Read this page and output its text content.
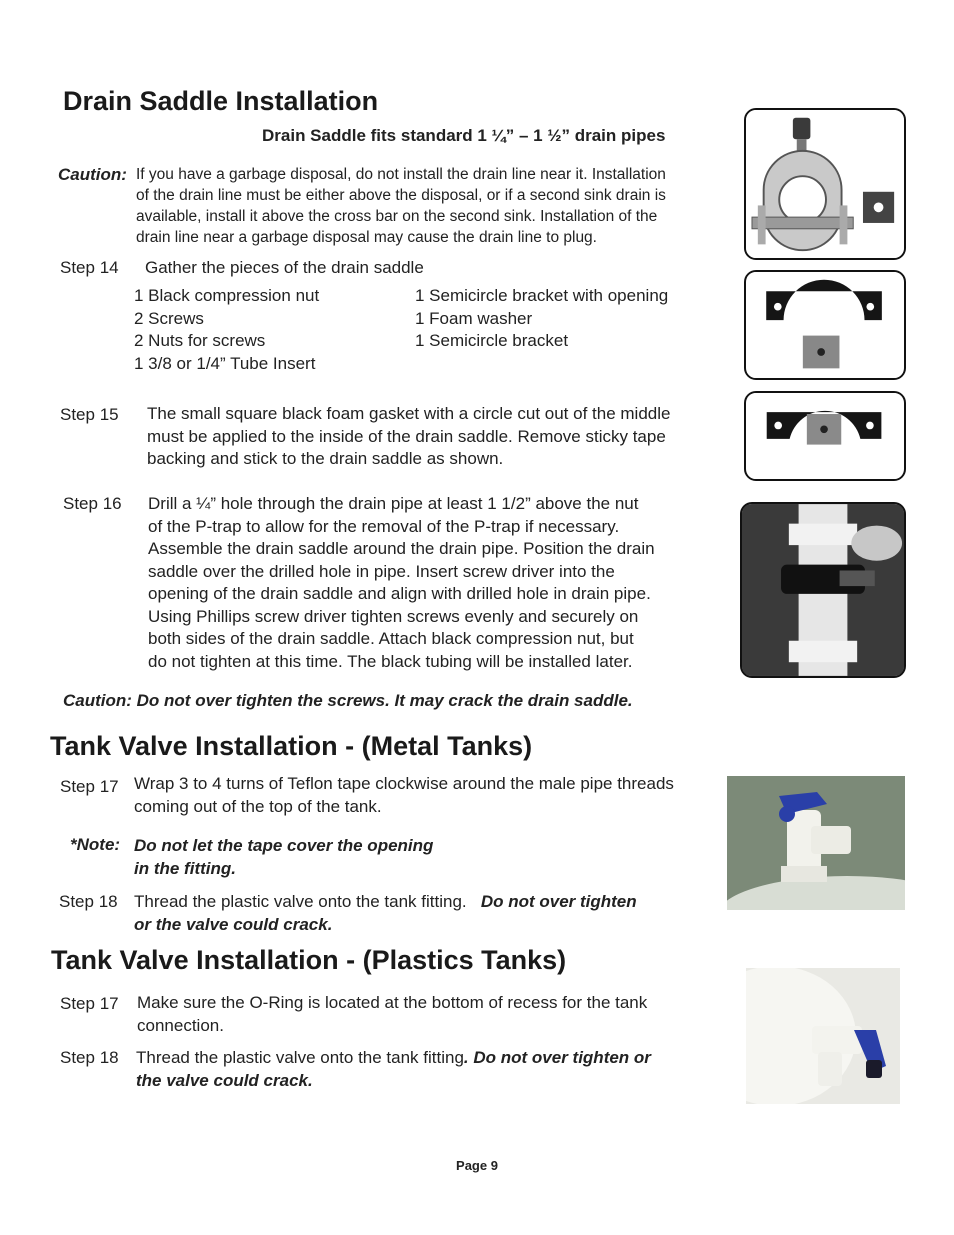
Drain Saddle Installation
Drain Saddle fits standard 1 ¼” – 1 ½” drain pipes
Caution: If you have a garbage disposal, do not install the drain line near it. Installation
of the drain line must be either above the disposal, or if a second sink drain is
available, install it above the cross bar on the second sink. Installation of the
drain line near a garbage disposal may cause the drain line to plug.
Step 14 Gather the pieces of the drain saddle
1 Black compression nut
2 Screws
2 Nuts for screws
1 3/8 or 1/4” Tube Insert
1 Semicircle bracket with opening
1 Foam washer
1 Semicircle bracket
Step 15 The small square black foam gasket with a circle cut out of the middle
must be applied to the inside of the drain saddle. Remove sticky tape
backing and stick to the drain saddle as shown.
Step 16 Drill a ¼” hole through the drain pipe at least 1 1/2” above the nut
of the P-trap to allow for the removal of the P-trap if necessary.
Assemble the drain saddle around the drain pipe. Position the drain
saddle over the drilled hole in pipe. Insert screw driver into the
opening of the drain saddle and align with drilled hole in drain pipe.
Using Phillips screw driver tighten screws evenly and securely on
both sides of the drain saddle. Attach black compression nut, but
do not tighten at this time. The black tubing will be installed later.
Caution: Do not over tighten the screws. It may crack the drain saddle.
Tank Valve Installation - (Metal Tanks)
Step 17 Wrap 3 to 4 turns of Teflon tape clockwise around the male pipe threads
coming out of the top of the tank.
*Note: Do not let the tape cover the opening
in the fitting.
Step 18 Thread the plastic valve onto the tank fitting. Do not over tighten
or the valve could crack.
Tank Valve Installation - (Plastics Tanks)
Step 17 Make sure the O-Ring is located at the bottom of recess for the tank
connection.
Step 18 Thread the plastic valve onto the tank fitting. Do not over tighten or
the valve could crack.
Page 9
